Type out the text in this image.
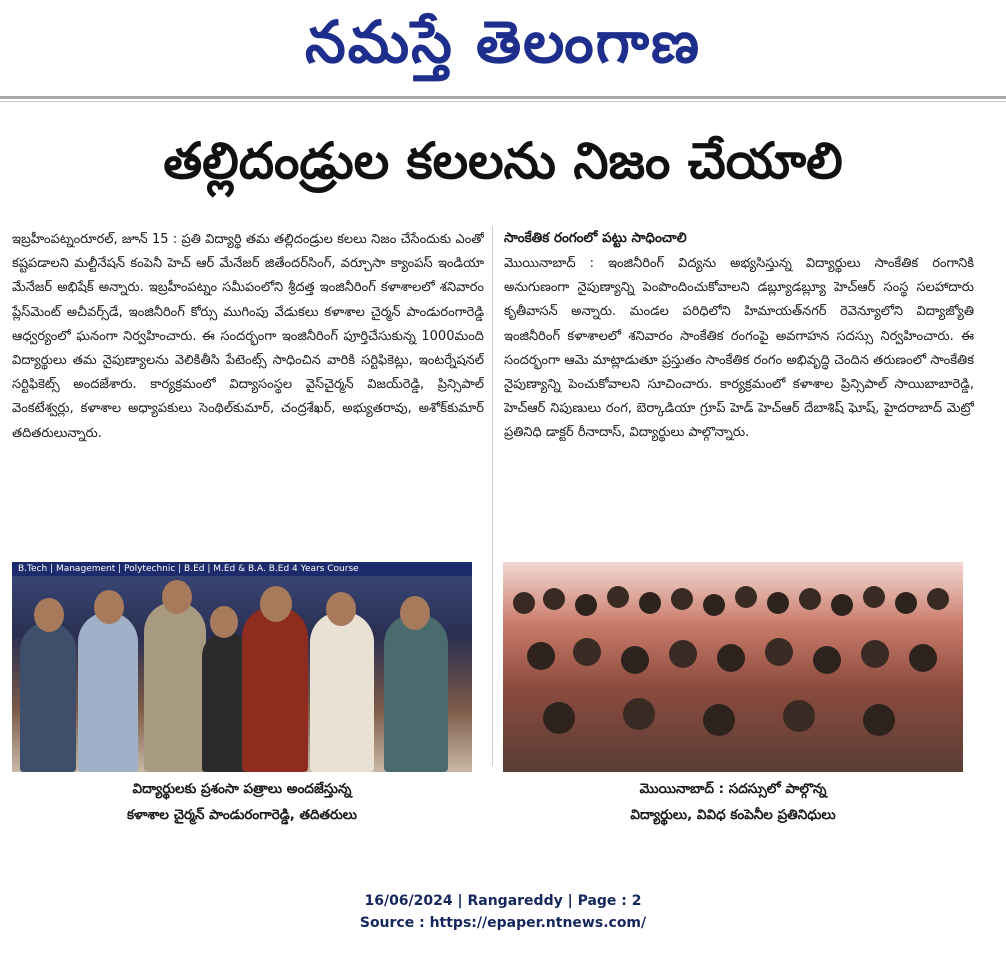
నమస్తే తెలంగాణ
తల్లిదండ్రుల కలలను నిజం చేయాలి

ఇబ్రహీంపట్నంరూరల్, జూన్ 15 : ప్రతి విద్యార్థి తమ తల్లిదండ్రుల కలలు నిజం చేసేందుకు ఎంతో కష్టపడాలని మల్టీనేషన్ కంపెనీ హెచ్ ఆర్ మేనేజర్ జితేందర్‌సింగ్, వర్చూసా క్యాంపస్ ఇండియా మేనేజర్ అభిషేక్ అన్నారు. ఇబ్రహీంపట్నం సమీపంలోని శ్రీదత్త ఇంజినీరింగ్ కళాశాలలో శనివారం ప్లేస్‌మెంట్ అచీవర్స్‌డే, ఇంజినీరింగ్ కోర్సు ముగింపు వేడుకలు కళాశాల చైర్మన్ పాండురంగారెడ్డి ఆధ్వర్యంలో ఘనంగా నిర్వహించారు. ఈ సందర్భంగా ఇంజినీరింగ్ పూర్తిచేసుకున్న 1000మంది విద్యార్థులు తమ నైపుణ్యాలను వెలికితీసి పేటెంట్స్ సాధించిన వారికి సర్టిఫికెట్లు, ఇంటర్నేషనల్ సర్టిఫికెట్స్ అందజేశారు. కార్యక్రమంలో విద్యాసంస్థల వైస్‌చైర్మన్ విజయ్‌రెడ్డి, ప్రిన్సిపాల్ వెంకటేశ్వర్లు, కళాశాల అధ్యాపకులు సెంథిల్‌కుమార్, చంద్రశేఖర్, అభ్యుతరావు, అశోక్‌కుమార్ తదితరులున్నారు.

సాంకేతిక రంగంలో పట్టు సాధించాలి

మొయినాబాద్ : ఇంజినీరింగ్ విద్యను అభ్యసిస్తున్న విద్యార్థులు సాంకేతిక రంగానికి అనుగుణంగా నైపుణ్యాన్ని పెంపొందించుకోవాలని డబ్ల్యూడబ్ల్యూ హెచ్‌ఆర్ సంస్థ సలహాదారు కృతీవాసన్ అన్నారు. మండల పరిధిలోని హిమాయత్‌నగర్ రెవెన్యూలోని విద్యాజ్యోతి ఇంజినీరింగ్ కళాశాలలో శనివారం సాంకేతిక రంగంపై అవగాహన సదస్సు నిర్వహించారు. ఈ సందర్భంగా ఆమె మాట్లాడుతూ ప్రస్తుతం సాంకేతిక రంగం అభివృద్ధి చెందిన తరుణంలో సాంకేతిక నైపుణ్యాన్ని పెంచుకోవాలని సూచించారు. కార్యక్రమంలో కళాశాల ప్రిన్సిపాల్ సాయిబాబారెడ్డి, హెచ్‌ఆర్ నిపుణులు రంగ, బెర్కాడియా గ్రూప్ హెడ్ హెచ్‌ఆర్ దేబాశిష్ ఘోష్, హైదరాబాద్ మెట్రో ప్రతినిధి డాక్టర్ రీనాదాస్, విద్యార్థులు పాల్గొన్నారు.

B.Tech | Management | Polytechnic | B.Ed | M.Ed & B.A. B.Ed 4 Years Course
విద్యార్థులకు ప్రశంసా పత్రాలు అందజేస్తున్న
కళాశాల చైర్మన్ పాండురంగారెడ్డి, తదితరులు
మొయినాబాద్ : సదస్సులో పాల్గొన్న
విద్యార్థులు, వివిధ కంపెనీల ప్రతినిధులు
16/06/2024 | Rangareddy | Page : 2
Source : https://epaper.ntnews.com/
